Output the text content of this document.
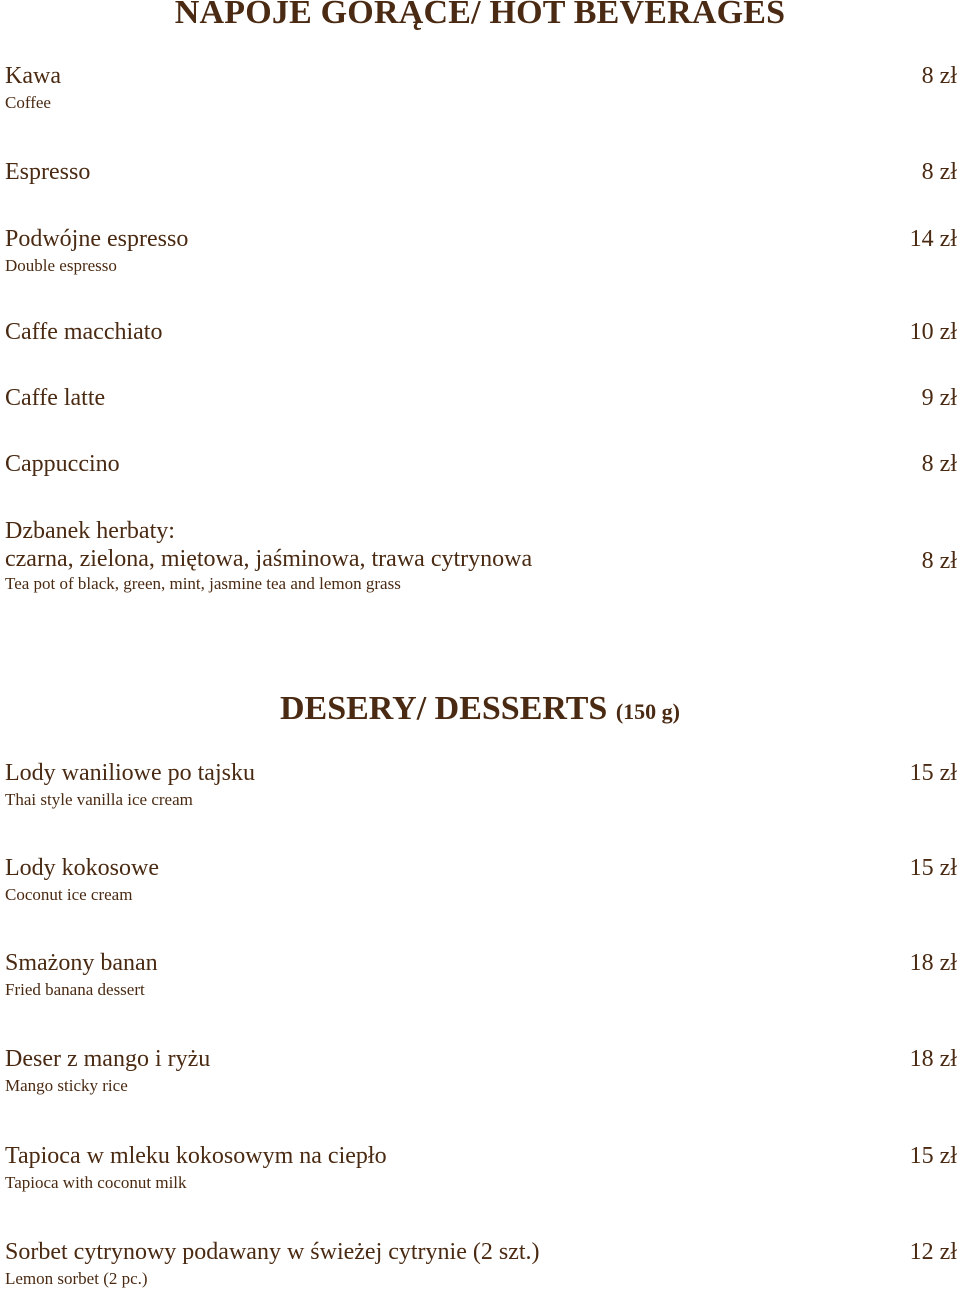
NAPOJE GORĄCE/ HOT BEVERAGES
Kawa
Coffee
8 zł
Espresso	8 zł
Podwójne espresso
Double espresso
14 zł
Caffe macchiato	10 zł
Caffe latte	9 zł
Cappuccino	8 zł
Dzbanek herbaty:
czarna, zielona, miętowa, jaśminowa, trawa cytrynowa
Tea pot of black, green, mint, jasmine tea and lemon grass
8 zł
DESERY/ DESSERTS (150 g)
Lody waniliowe po tajsku
Thai style vanilla ice cream
15 zł
Lody kokosowe
Coconut ice cream
15 zł
Smażony banan
Fried banana dessert
18 zł
Deser z mango i ryżu
Mango sticky rice
18 zł
Tapioca w mleku kokosowym na ciepło
Tapioca with coconut milk
15 zł
Sorbet cytrynowy podawany w świeżej cytrynie (2 szt.)
Lemon sorbet (2 pc.)
12 zł
